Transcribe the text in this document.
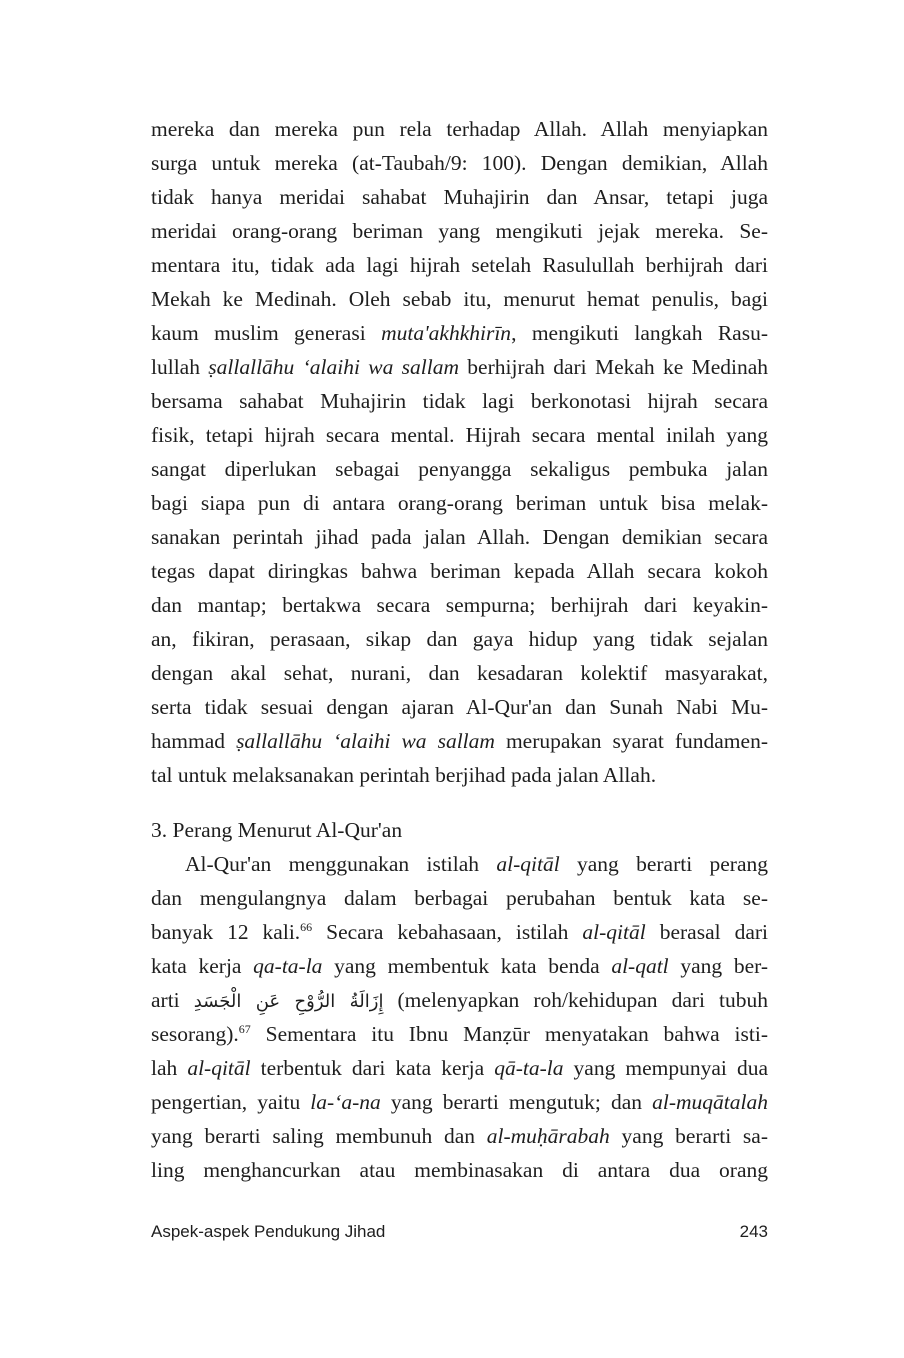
mereka dan mereka pun rela terhadap Allah. Allah menyiapkan
surga untuk mereka (at-Taubah/9: 100). Dengan demikian, Allah
tidak hanya meridai sahabat Muhajirin dan Ansar, tetapi juga
meridai orang-orang beriman yang mengikuti jejak mereka. Se-
mentara itu, tidak ada lagi hijrah setelah Rasulullah berhijrah dari
Mekah ke Medinah. Oleh sebab itu, menurut hemat penulis, bagi
kaum muslim generasi muta'akhkhirīn, mengikuti langkah Rasu-
lullah ṣallallāhu ‘alaihi wa sallam berhijrah dari Mekah ke Medinah
bersama sahabat Muhajirin tidak lagi berkonotasi hijrah secara
fisik, tetapi hijrah secara mental. Hijrah secara mental inilah yang
sangat diperlukan sebagai penyangga sekaligus pembuka jalan
bagi siapa pun di antara orang-orang beriman untuk bisa melak-
sanakan perintah jihad pada jalan Allah. Dengan demikian secara
tegas dapat diringkas bahwa beriman kepada Allah secara kokoh
dan mantap; bertakwa secara sempurna; berhijrah dari keyakin-
an, fikiran, perasaan, sikap dan gaya hidup yang tidak sejalan
dengan akal sehat, nurani, dan kesadaran kolektif masyarakat,
serta tidak sesuai dengan ajaran Al-Qur'an dan Sunah Nabi Mu-
hammad ṣallallāhu ‘alaihi wa sallam merupakan syarat fundamen-
tal untuk melaksanakan perintah berjihad pada jalan Allah.
3. Perang Menurut Al-Qur'an
Al-Qur'an menggunakan istilah al-qitāl yang berarti perang
dan mengulangnya dalam berbagai perubahan bentuk kata se-
banyak 12 kali.$^{66}$ Secara kebahasaan, istilah al-qitāl berasal dari
kata kerja qa-ta-la yang membentuk kata benda al-qatl yang ber-
arti إِزَالَةُ الرُّوْحِ عَنِ الْجَسَدِ (melenyapkan roh/kehidupan dari tubuh
sesorang).$^{67}$ Sementara itu Ibnu Manẓūr menyatakan bahwa isti-
lah al-qitāl terbentuk dari kata kerja qā-ta-la yang mempunyai dua
pengertian, yaitu la-‘a-na yang berarti mengutuk; dan al-muqātalah
yang berarti saling membunuh dan al-muḥārabah yang berarti sa-
ling menghancurkan atau membinasakan di antara dua orang
Aspek-aspek Pendukung Jihad	243
